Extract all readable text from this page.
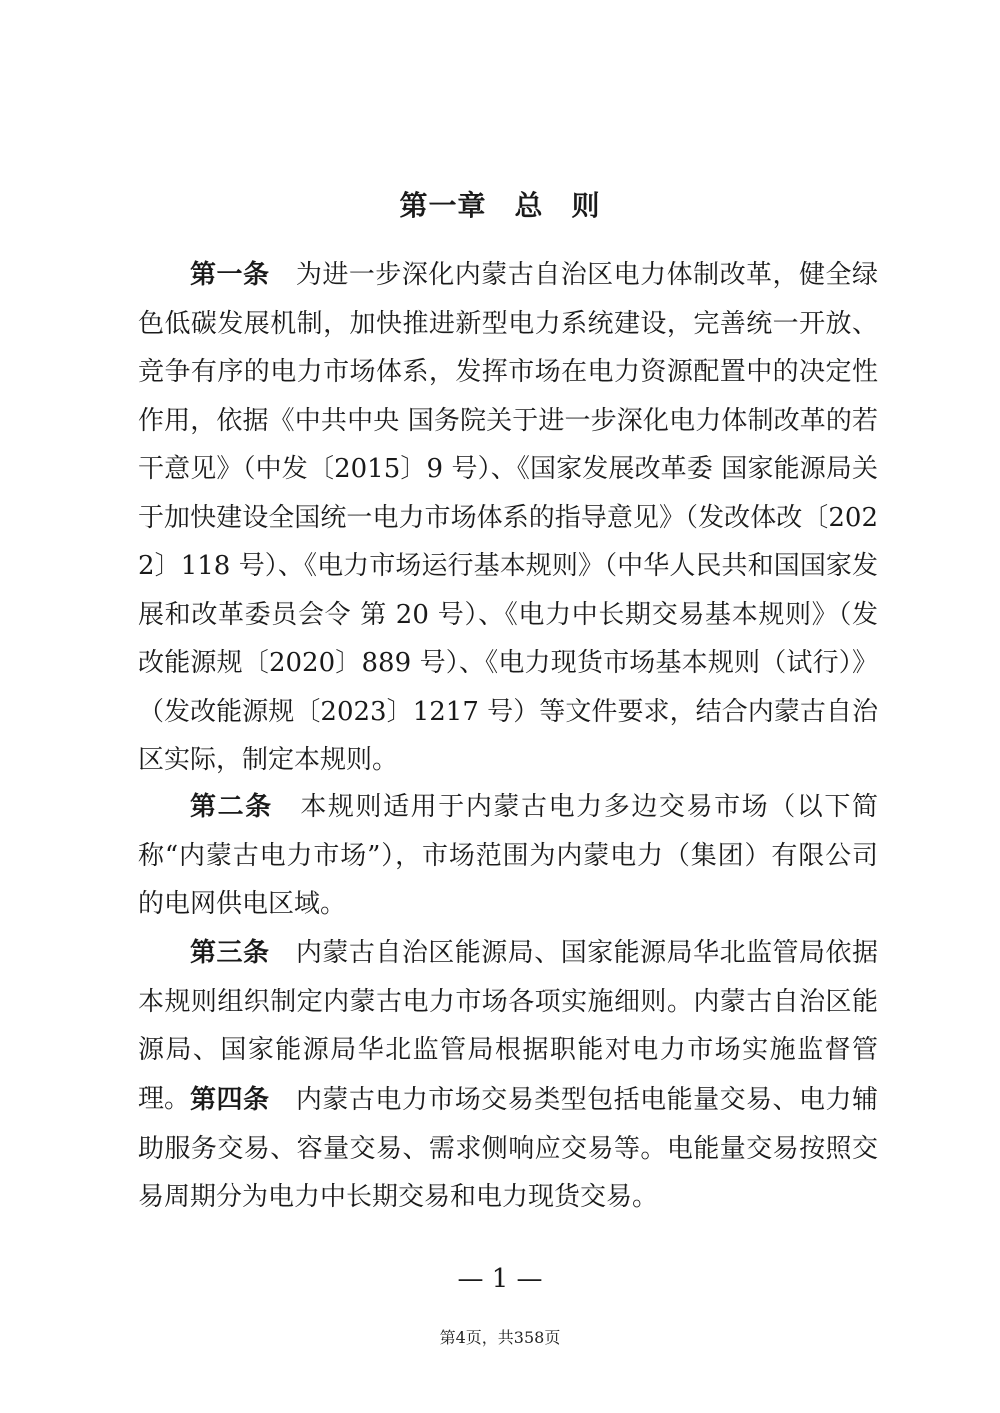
第一章 总 则

第一条 为进一步深化内蒙古自治区电力体制改革，健全绿色低碳发展机制，加快推进新型电力系统建设，完善统一开放、竞争有序的电力市场体系，发挥市场在电力资源配置中的决定性作用，依据《中共中央 国务院关于进一步深化电力体制改革的若干意见》（中发〔2015〕9 号）、《国家发展改革委 国家能源局关于加快建设全国统一电力市场体系的指导意见》（发改体改〔2022〕118 号）、《电力市场运行基本规则》（中华人民共和国国家发展和改革委员会令 第 20 号）、《电力中长期交易基本规则》（发改能源规〔2020〕889 号）、《电力现货市场基本规则（试行）》（发改能源规〔2023〕1217 号）等文件要求，结合内蒙古自治区实际，制定本规则。

第二条 本规则适用于内蒙古电力多边交易市场（以下简称“内蒙古电力市场”），市场范围为内蒙电力（集团）有限公司的电网供电区域。

第三条 内蒙古自治区能源局、国家能源局华北监管局依据本规则组织制定内蒙古电力市场各项实施细则。内蒙古自治区能源局、国家能源局华北监管局根据职能对电力市场实施监督管理。 第四条 内蒙古电力市场交易类型包括电能量交易、电力辅助服务交易、容量交易、需求侧响应交易等。电能量交易按照交易周期分为电力中长期交易和电力现货交易。

— 1 —
第4页，共358页
